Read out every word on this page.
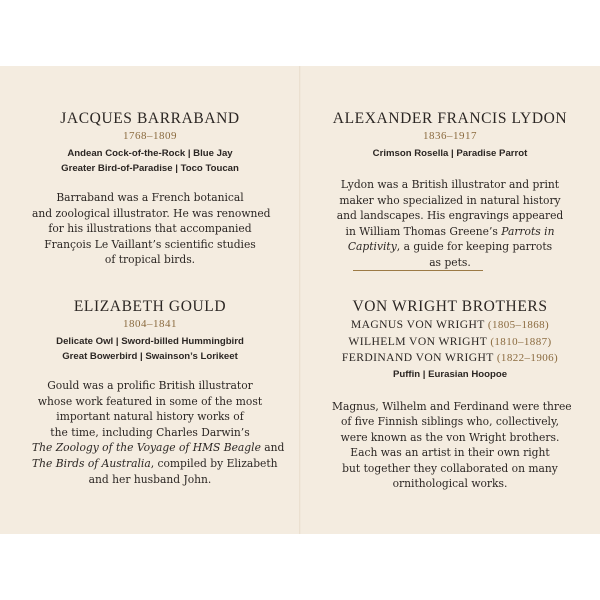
JACQUES BARRABAND
1768–1809
Andean Cock-of-the-Rock | Blue Jay
Greater Bird-of-Paradise | Toco Toucan
Barraband was a French botanical
and zoological illustrator. He was renowned
for his illustrations that accompanied
François Le Vaillant’s scientific studies
of tropical birds.
ALEXANDER FRANCIS LYDON
1836–1917
Crimson Rosella | Paradise Parrot
Lydon was a British illustrator and print
maker who specialized in natural history
and landscapes. His engravings appeared
in William Thomas Greene’s Parrots in
Captivity, a guide for keeping parrots
as pets.
ELIZABETH GOULD
1804–1841
Delicate Owl | Sword-billed Hummingbird
Great Bowerbird | Swainson’s Lorikeet
Gould was a prolific British illustrator
whose work featured in some of the most
important natural history works of
the time, including Charles Darwin’s
The Zoology of the Voyage of HMS Beagle and
The Birds of Australia, compiled by Elizabeth
and her husband John.
VON WRIGHT BROTHERS
MAGNUS VON WRIGHT (1805–1868)
WILHELM VON WRIGHT (1810–1887)
FERDINAND VON WRIGHT (1822–1906)
Puffin | Eurasian Hoopoe
Magnus, Wilhelm and Ferdinand were three
of five Finnish siblings who, collectively,
were known as the von Wright brothers.
Each was an artist in their own right
but together they collaborated on many
ornithological works.
